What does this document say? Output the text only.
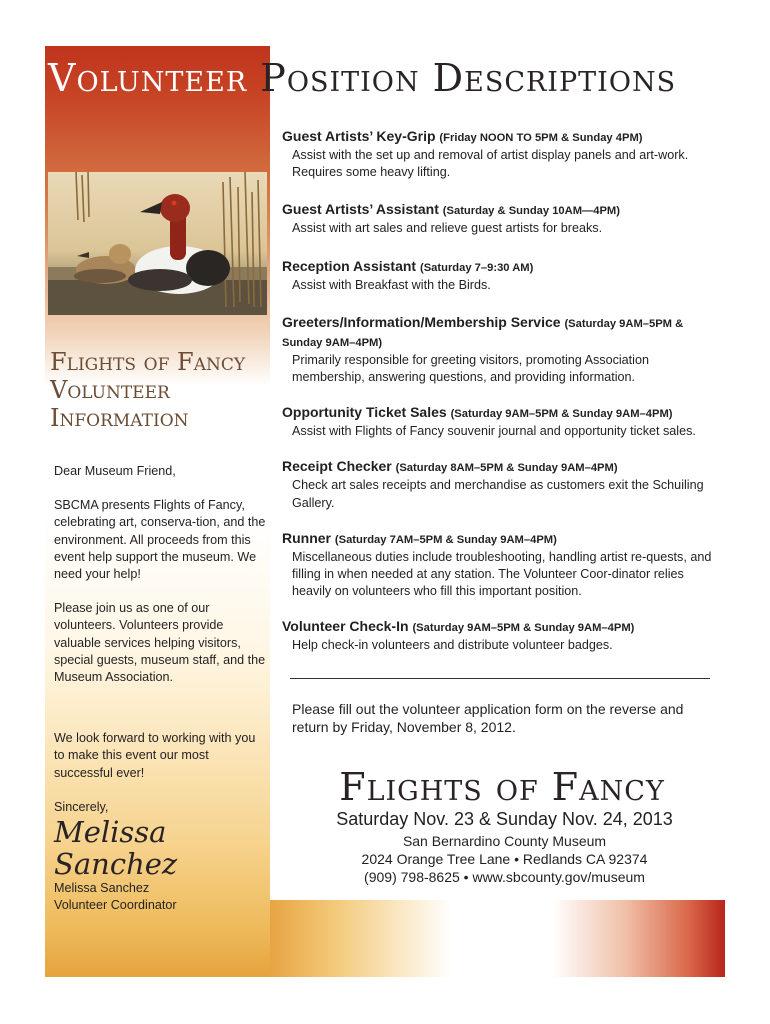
Volunteer Position Descriptions
Flights of Fancy
Volunteer
Information

Dear Museum Friend,

SBCMA presents Flights of Fancy, celebrating art, conserva-tion, and the environment. All proceeds from this event help support the museum. We need your help!

Please join us as one of our volunteers. Volunteers provide valuable services helping visitors, special guests, museum staff, and the Museum Association.

We look forward to working with you to make this event our most successful ever!

Sincerely,

Melissa Sanchez

Melissa Sanchez

Volunteer Coordinator

Guest Artists’ Key-Grip (Friday NOON TO 5PM & Sunday 4PM)
Assist with the set up and removal of artist display panels and art-work. Requires some heavy lifting.
Guest Artists’ Assistant (Saturday & Sunday 10AM—4PM)
Assist with art sales and relieve guest artists for breaks.
Reception Assistant (Saturday 7–9:30 AM)
Assist with Breakfast with the Birds.
Greeters/Information/Membership Service (Saturday 9AM–5PM & Sunday 9AM–4PM)
Primarily responsible for greeting visitors, promoting Association membership, answering questions, and providing information.
Opportunity Ticket Sales (Saturday 9AM–5PM & Sunday 9AM–4PM)
Assist with Flights of Fancy souvenir journal and opportunity ticket sales.
Receipt Checker (Saturday 8AM–5PM & Sunday 9AM–4PM)
Check art sales receipts and merchandise as customers exit the Schuiling Gallery.
Runner (Saturday 7AM–5PM & Sunday 9AM–4PM)
Miscellaneous duties include troubleshooting, handling artist re-quests, and filling in when needed at any station. The Volunteer Coor-dinator relies heavily on volunteers who fill this important position.
Volunteer Check-In (Saturday 9AM–5PM & Sunday 9AM–4PM)
Help check-in volunteers and distribute volunteer badges.
Please fill out the volunteer application form on the reverse and return by Friday, November 8, 2012.
Flights of Fancy
Saturday Nov. 23 & Sunday Nov. 24, 2013
San Bernardino County Museum
2024 Orange Tree Lane • Redlands CA 92374
(909) 798-8625 • www.sbcounty.gov/museum
